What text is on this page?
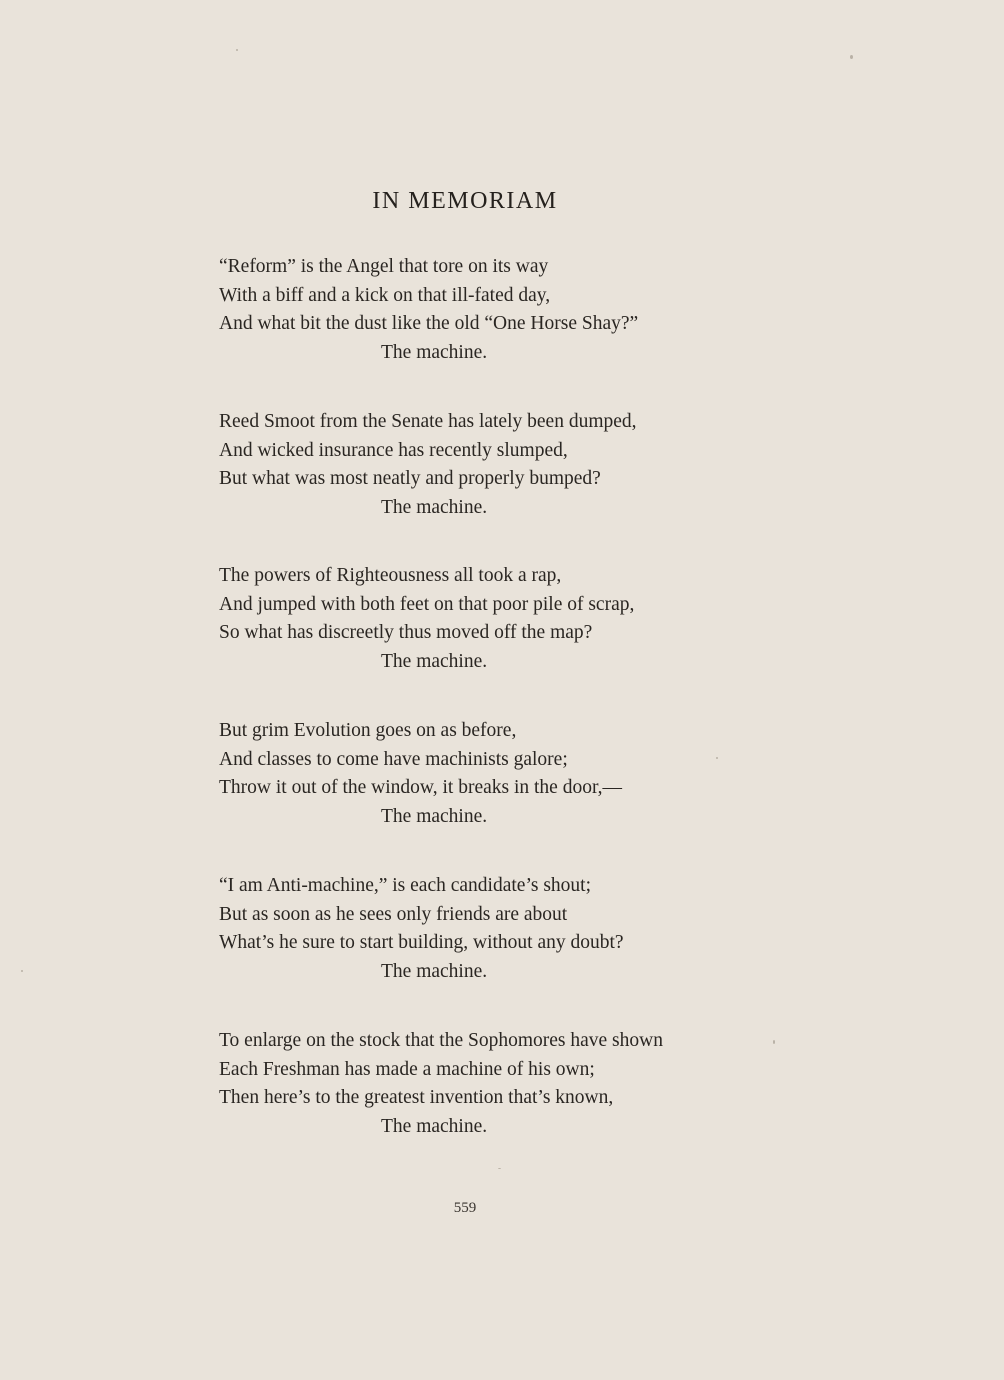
IN MEMORIAM
“Reform” is the Angel that tore on its way
With a biff and a kick on that ill-fated day,
And what bit the dust like the old “One Horse Shay?”
The machine.
Reed Smoot from the Senate has lately been dumped,
And wicked insurance has recently slumped,
But what was most neatly and properly bumped?
The machine.
The powers of Righteousness all took a rap,
And jumped with both feet on that poor pile of scrap,
So what has discreetly thus moved off the map?
The machine.
But grim Evolution goes on as before,
And classes to come have machinists galore;
Throw it out of the window, it breaks in the door,—
The machine.
“I am Anti-machine,” is each candidate’s shout;
But as soon as he sees only friends are about
What’s he sure to start building, without any doubt?
The machine.
To enlarge on the stock that the Sophomores have shown
Each Freshman has made a machine of his own;
Then here’s to the greatest invention that’s known,
The machine.
559
